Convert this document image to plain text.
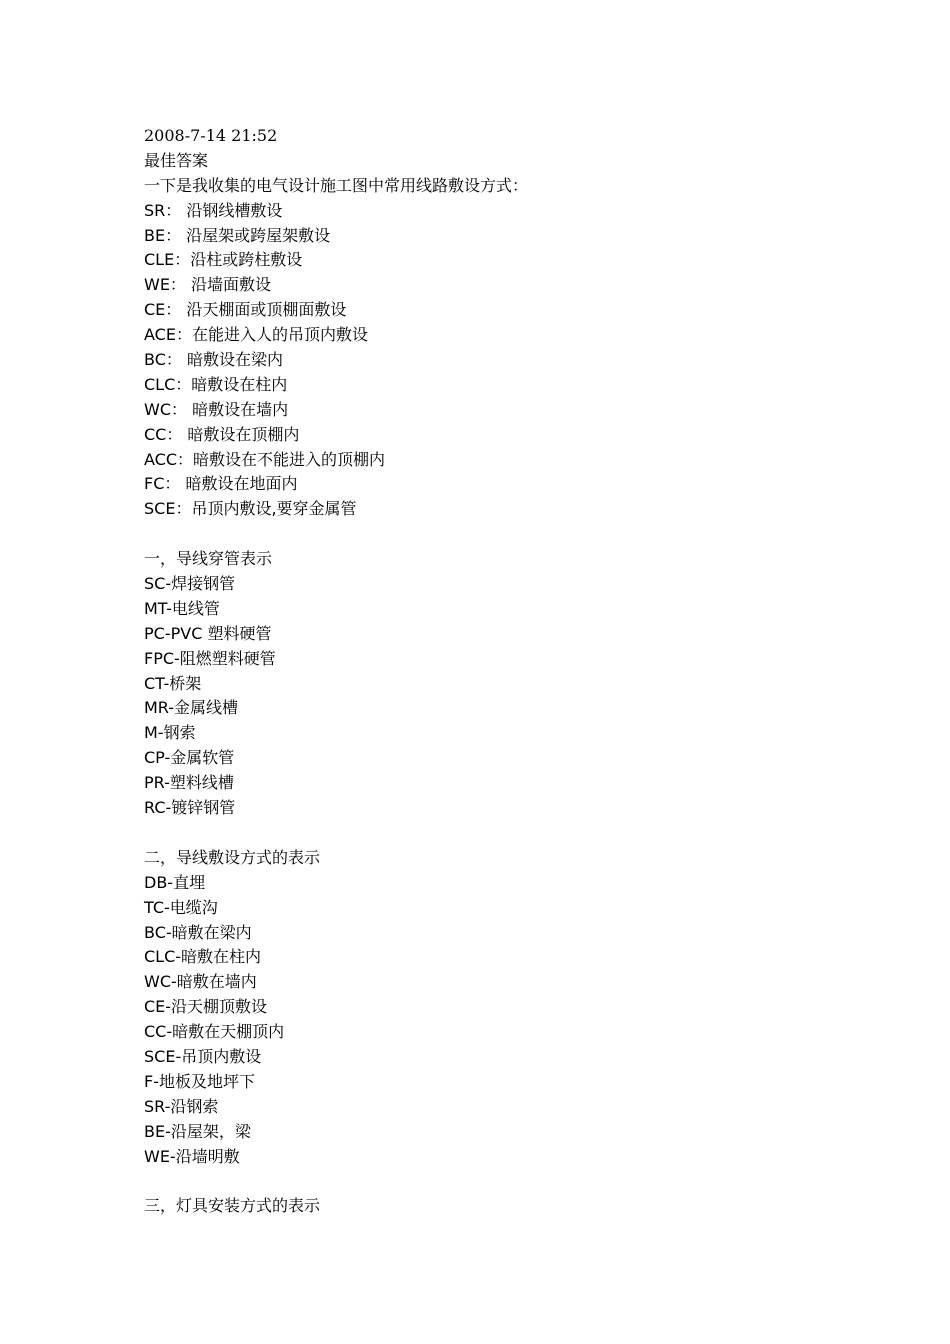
2008-7-14 21:52
最佳答案
一下是我收集的电气设计施工图中常用线路敷设方式：
SR： 沿钢线槽敷设
BE： 沿屋架或跨屋架敷设
CLE：沿柱或跨柱敷设
WE： 沿墙面敷设
CE： 沿天棚面或顶棚面敷设
ACE：在能进入人的吊顶内敷设
BC： 暗敷设在梁内
CLC：暗敷设在柱内
WC： 暗敷设在墙内
CC： 暗敷设在顶棚内
ACC：暗敷设在不能进入的顶棚内
FC： 暗敷设在地面内
SCE：吊顶内敷设,要穿金属管
一，导线穿管表示
SC-焊接钢管
MT-电线管
PC-PVC 塑料硬管
FPC-阻燃塑料硬管
CT-桥架
MR-金属线槽
M-钢索
CP-金属软管
PR-塑料线槽
RC-镀锌钢管
二，导线敷设方式的表示
DB-直埋
TC-电缆沟
BC-暗敷在梁内
CLC-暗敷在柱内
WC-暗敷在墙内
CE-沿天棚顶敷设
CC-暗敷在天棚顶内
SCE-吊顶内敷设
F-地板及地坪下
SR-沿钢索
BE-沿屋架，梁
WE-沿墙明敷
三，灯具安装方式的表示
